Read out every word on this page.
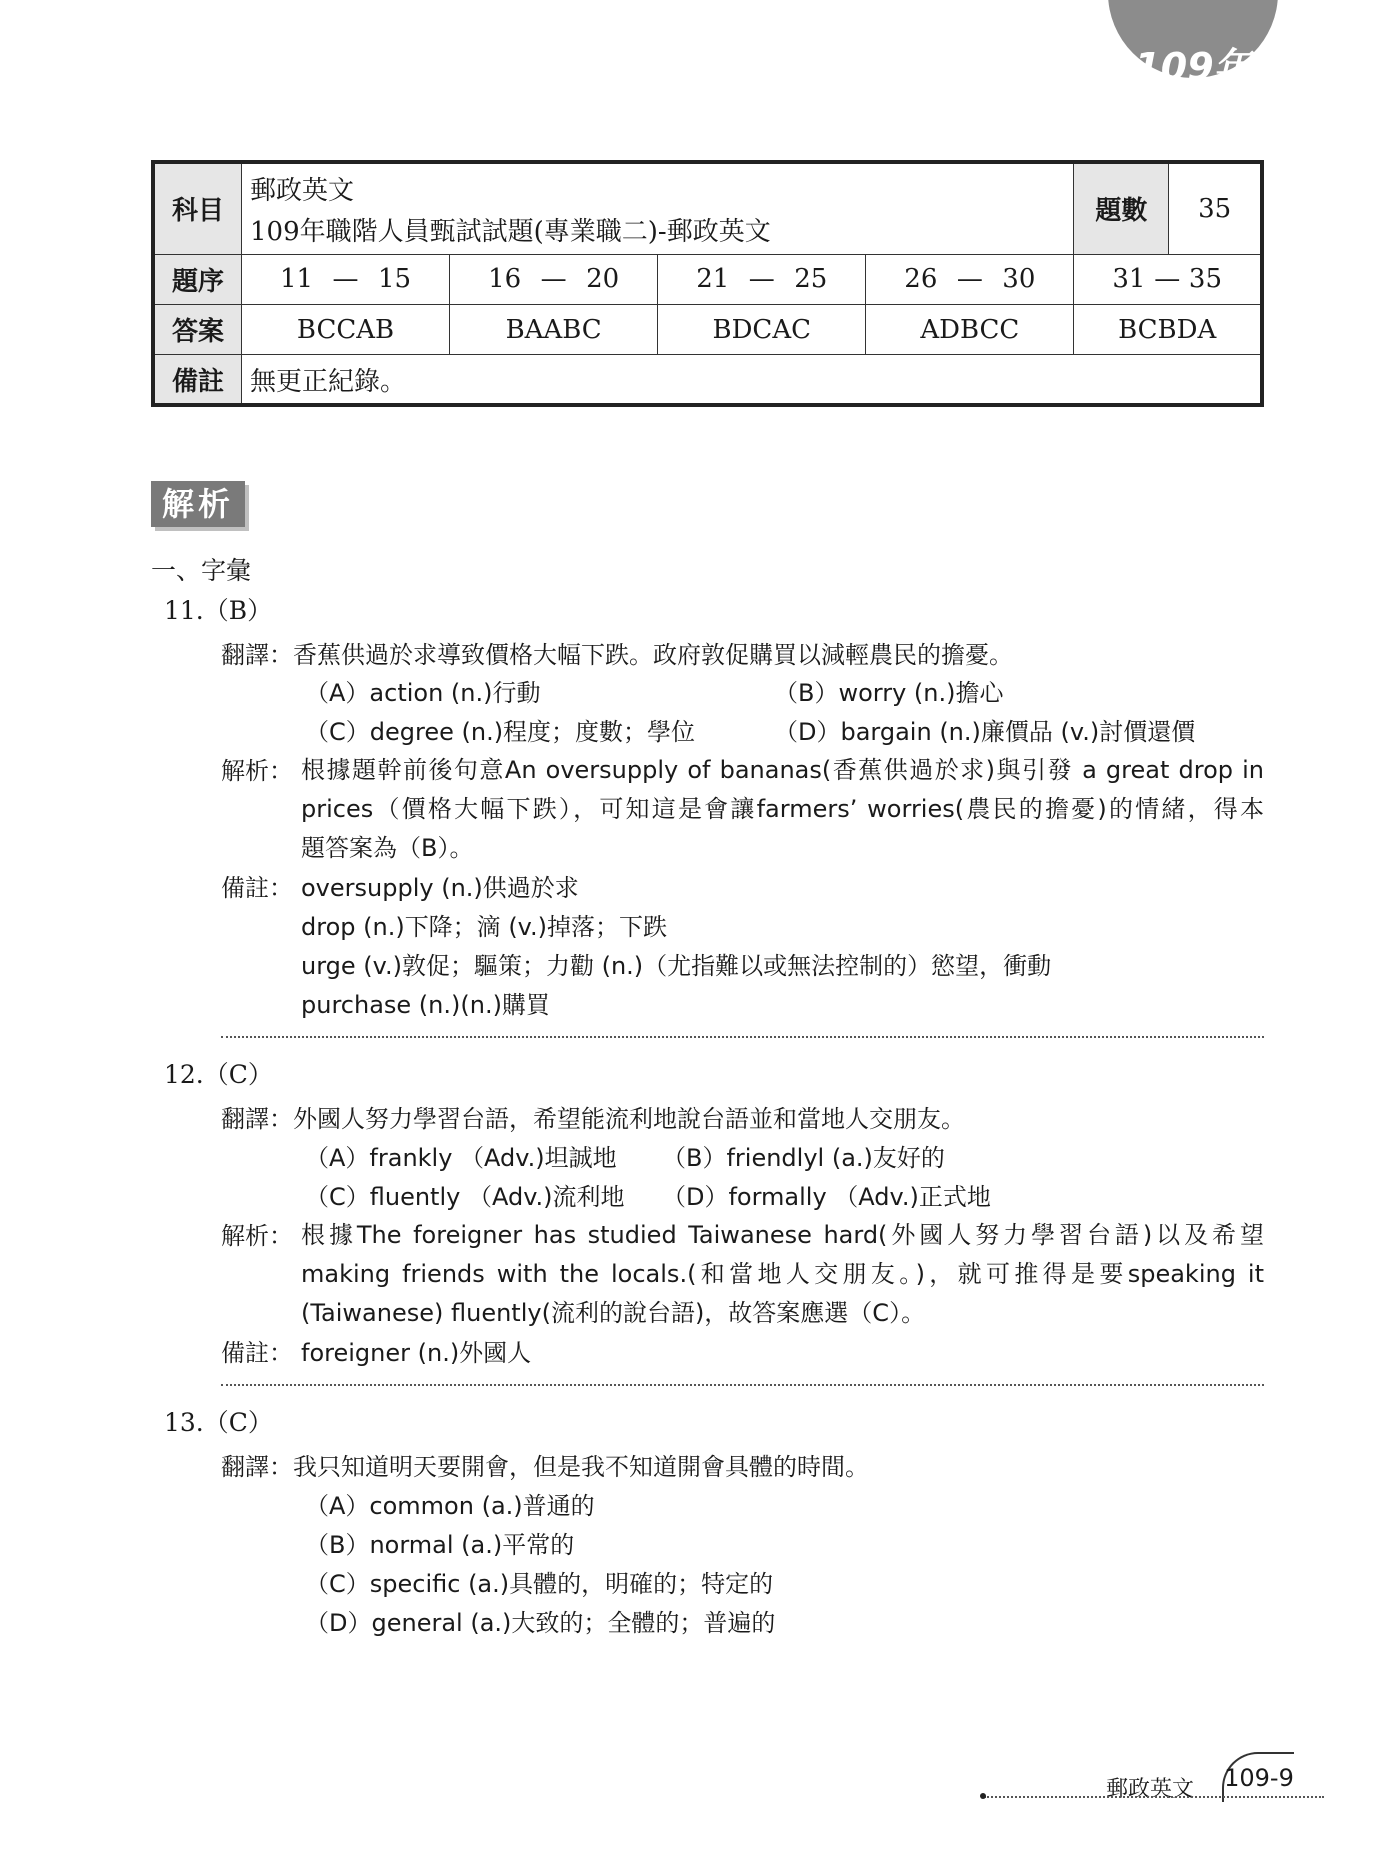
109年
科目	郵政英文
109年職階人員甄試試題(專業職二)-郵政英文				題數	35
題序	11 — 15	16 — 20	21 — 25	26 — 30	31 — 35	

答案	BCCAB	BAABC	BDCAC	ADBCC	BCBDA	
備註	無更正紀錄。					
解析
一、字彙
11.（B）
翻譯：香蕉供過於求導致價格大幅下跌。政府敦促購買以減輕農民的擔憂。
（A）action (n.)行動	（B）worry (n.)擔心
（C）degree (n.)程度；度數；學位	（D）bargain (n.)廉價品 (v.)討價還價
解析： 根據題幹前後句意An oversupply of bananas(香蕉供過於求)與引發 a great drop in
prices（價格大幅下跌），可知這是會讓farmers’ worries(農民的擔憂)的情緒，得本
題答案為（B）。
備註： oversupply (n.)供過於求
drop (n.)下降；滴 (v.)掉落；下跌
urge (v.)敦促；驅策；力勸 (n.)（尤指難以或無法控制的）慾望，衝動
purchase (n.)(n.)購買
12.（C）
翻譯：外國人努力學習台語，希望能流利地說台語並和當地人交朋友。
（A）frankly （Adv.)坦誠地 （B）friendlyl (a.)友好的
（C）fluently （Adv.)流利地 （D）formally （Adv.)正式地
解析： 根據The foreigner has studied Taiwanese hard(外國人努力學習台語)以及希望
making friends with the locals.(和當地人交朋友。)，就可推得是要speaking it
(Taiwanese) fluently(流利的說台語)，故答案應選（C）。
備註： foreigner (n.)外國人
13.（C）
翻譯：我只知道明天要開會，但是我不知道開會具體的時間。
（A）common (a.)普通的
（B）normal (a.)平常的
（C）specific (a.)具體的，明確的；特定的
（D）general (a.)大致的；全體的；普遍的
郵政英文 109-9
